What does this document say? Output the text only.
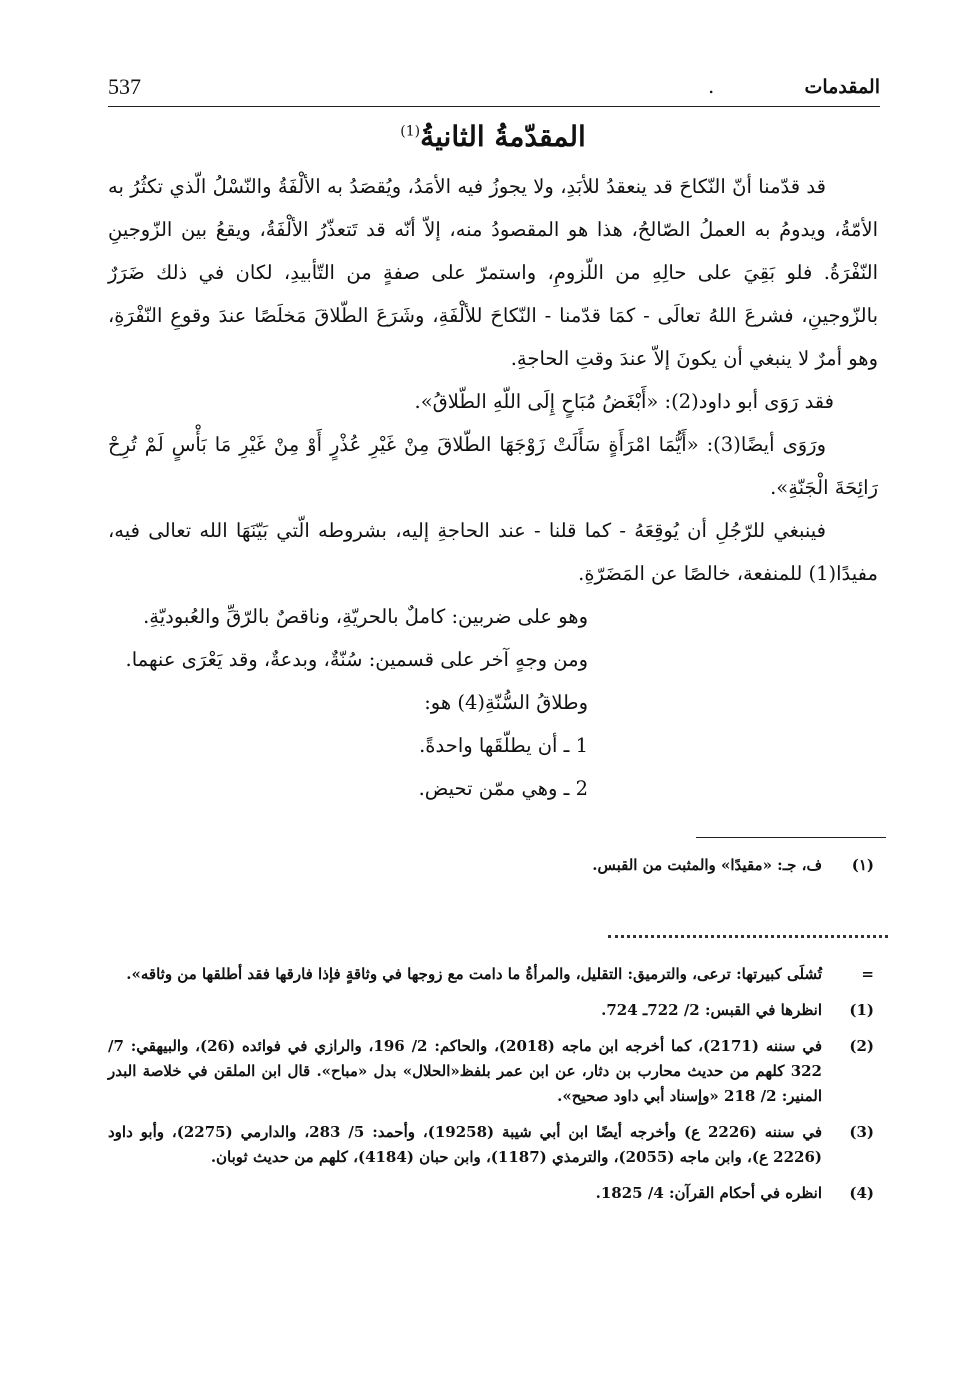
المقدمات
.
537
المقدّمةُ الثانيةُ$^{(1)}$

قد قدّمنا أنّ النّكاحَ قد ينعقدُ للأبَدِ، ولا يجوزُ فيه الأمَدُ، ويُقصَدُ به الألْفَةُ والنّسْلُ الّذي تكثُرُ به الأمّةُ، ويدومُ به العملُ الصّالحُ، هذا هو المقصودُ منه، إلاّ أنّه قد تَتعذّرُ الألْفَةُ، ويقعُ بين الزّوجينِ النّفْرَةُ. فلو بَقِيَ على حالِهِ من اللّزومِ، واستمرّ على صفةٍ من التّأبيدِ، لكان في ذلك ضَرَرٌ بالزّوجينِ، فشرعَ اللهُ تعالَى - كمَا قدّمنا - النّكاحَ للألْفَةِ، وشَرَعَ الطّلاقَ مَخلَصًا عندَ وقوعِ النّفْرَةِ، وهو أمرٌ لا ينبغي أن يكونَ إلاّ عندَ وقتِ الحاجةِ.

فقد رَوَى أبو داود(2): «أَبْغَضُ مُبَاحٍ إِلَى اللّهِ الطّلاقُ».

ورَوَى أيضًا(3): «أَيُّمَا امْرَأَةٍ سَأَلَتْ زَوْجَهَا الطّلاقَ مِنْ غَيْرِ عُذْرٍ أَوْ مِنْ غَيْرِ مَا بَأْسٍ لَمْ تُرِحْ رَائِحَةَ الْجَنّةِ».

فينبغي للرّجُلِ أن يُوقِعَهُ - كما قلنا - عند الحاجةِ إليه، بشروطه الّتي بَيّنَهَا الله تعالى فيه، مفيدًا(1) للمنفعة، خالصًا عن المَضَرّةِ.

وهو على ضربين: كاملٌ بالحريّةِ، وناقصٌ بالرّقِّ والعُبوديّةِ.

ومن وجهٍ آخر على قسمين: سُنّةٌ، وبدعةٌ، وقد يَعْرَى عنهما.

وطلاقُ السُّنّةِ(4) هو:

1 ـ أن يطلّقَها واحدةً.

2 ـ وهي ممّن تحيض.

(١)
ف، جـ: «مقيدًا» والمثبت من القبس.
=
تُشلَى كبيرتها: ترعى، والترميق: التقليل، والمرأةُ ما دامت مع زوجها في وثاقةٍ فإذا فارقها فقد أطلقها من وثاقه».
(1)
انظرها في القبس: 2/ 722ـ 724.
(2)
في سننه (2171)، كما أخرجه ابن ماجه (2018)، والحاكم: 2/ 196، والرازي في فوائده (26)، والبيهقي: 7/ 322 كلهم من حديث محارب بن دثار، عن ابن عمر بلفظ«الحلال» بدل «مباح». قال ابن الملقن في خلاصة البدر المنير: 2/ 218 «وإسناد أبي داود صحيح».
(3)
في سننه (2226 ع) وأخرجه أيضًا ابن أبي شيبة (19258)، وأحمد: 5/ 283، والدارمي (2275)، وأبو داود (2226 ع)، وابن ماجه (2055)، والترمذي (1187)، وابن حبان (4184)، كلهم من حديث ثوبان.
(4)
انظره في أحكام القرآن: 4/ 1825.
